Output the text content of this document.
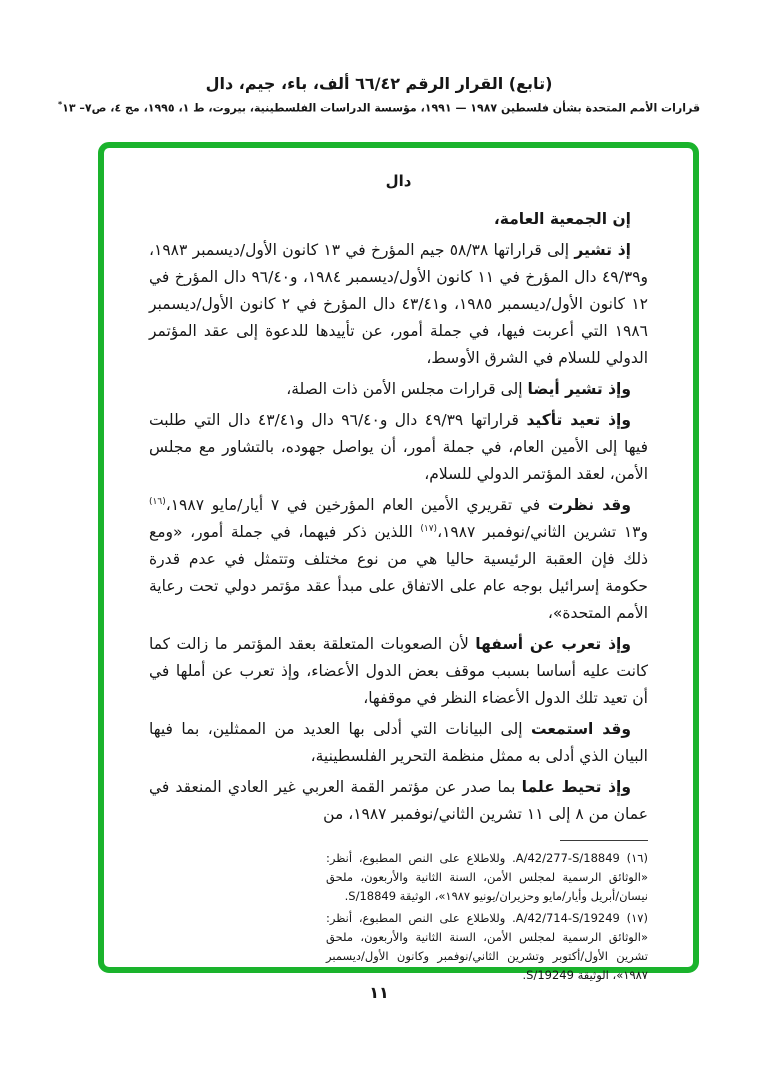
(تابع) القرار الرقم ٦٦/٤٢ ألف، باء، جيم، دال
قرارات الأمم المتحدة بشأن فلسطين ١٩٨٧ — ١٩٩١، مؤسسة الدراسات الفلسطينية، بيروت، ط ١، ١٩٩٥، مج ٤، ص٧– ١٣*
دال

إن الجمعية العامة،

إذ تشير إلى قراراتها ٥٨/٣٨ جيم المؤرخ في ١٣ كانون الأول/ديسمبر ١٩٨٣، و٤٩/٣٩ دال المؤرخ في ١١ كانون الأول/ديسمبر ١٩٨٤، و٩٦/٤٠ دال المؤرخ في ١٢ كانون الأول/ديسمبر ١٩٨٥، و٤٣/٤١ دال المؤرخ في ٢ كانون الأول/ديسمبر ١٩٨٦ التي أعربت فيها، في جملة أمور، عن تأييدها للدعوة إلى عقد المؤتمر الدولي للسلام في الشرق الأوسط،

وإذ تشير أيضا إلى قرارات مجلس الأمن ذات الصلة،

وإذ تعيد تأكيد قراراتها ٤٩/٣٩ دال و٩٦/٤٠ دال و٤٣/٤١ دال التي طلبت فيها إلى الأمين العام، في جملة أمور، أن يواصل جهوده، بالتشاور مع مجلس الأمن، لعقد المؤتمر الدولي للسلام،

وقد نظرت في تقريري الأمين العام المؤرخين في ٧ أيار/مايو ١٩٨٧،$^{(١٦)}$ و١٣ تشرين الثاني/نوفمبر ١٩٨٧،$^{(١٧)}$ اللذين ذكر فيهما، في جملة أمور، «ومع ذلك فإن العقبة الرئيسية حاليا هي من نوع مختلف وتتمثل في عدم قدرة حكومة إسرائيل بوجه عام على الاتفاق على مبدأ عقد مؤتمر دولي تحت رعاية الأمم المتحدة»،

وإذ تعرب عن أسفها لأن الصعوبات المتعلقة بعقد المؤتمر ما زالت كما كانت عليه أساسا بسبب موقف بعض الدول الأعضاء، وإذ تعرب عن أملها في أن تعيد تلك الدول الأعضاء النظر في موقفها،

وقد استمعت إلى البيانات التي أدلى بها العديد من الممثلين، بما فيها البيان الذي أدلى به ممثل منظمة التحرير الفلسطينية،

وإذ تحيط علما بما صدر عن مؤتمر القمة العربي غير العادي المنعقد في عمان من ٨ إلى ١١ تشرين الثاني/نوفمبر ١٩٨٧، من

(١٦) A/42/277-S/18849. وللاطلاع على النص المطبوع، أنظر: «الوثائق الرسمية لمجلس الأمن، السنة الثانية والأربعون، ملحق نيسان/أبريل وأيار/مايو وحزيران/يونيو ١٩٨٧»، الوثيقة S/18849.

(١٧) A/42/714-S/19249. وللاطلاع على النص المطبوع، أنظر: «الوثائق الرسمية لمجلس الأمن، السنة الثانية والأربعون، ملحق تشرين الأول/أكتوبر وتشرين الثاني/نوفمبر وكانون الأول/ديسمبر ١٩٨٧»، الوثيقة S/19249.

١١
